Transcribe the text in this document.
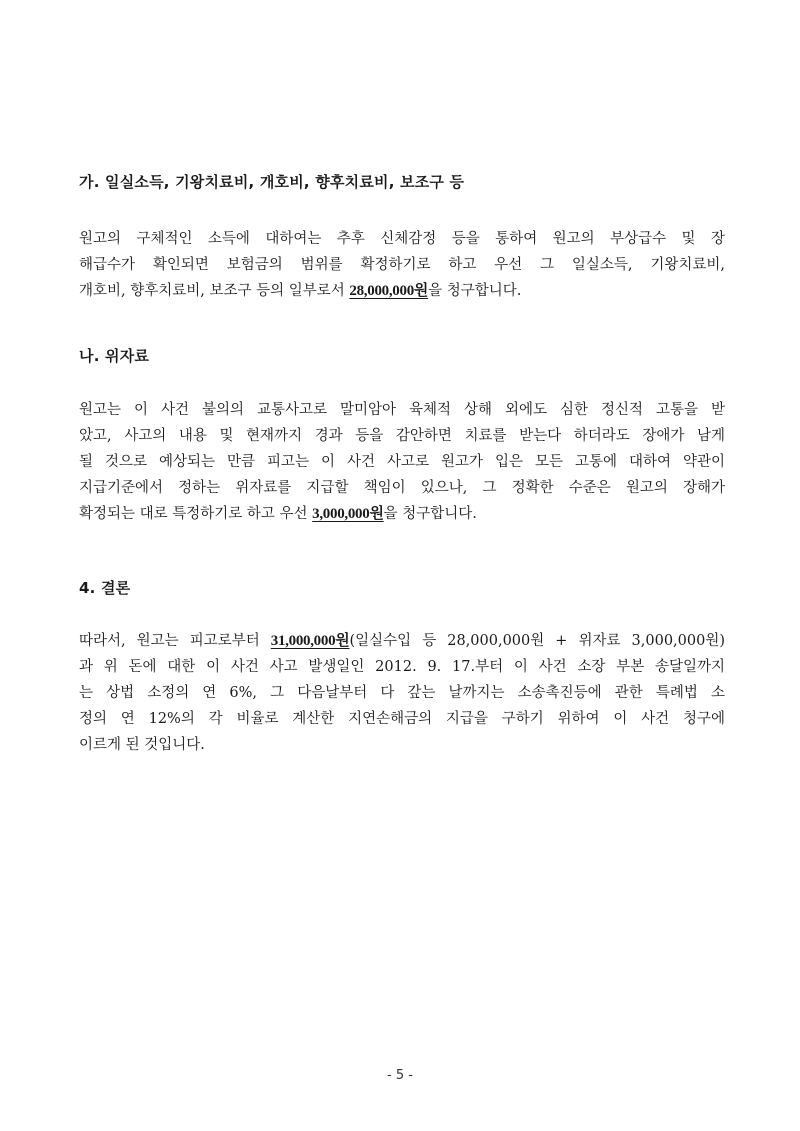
가. 일실소득, 기왕치료비, 개호비, 향후치료비, 보조구 등
원고의 구체적인 소득에 대하여는 추후 신체감정 등을 통하여 원고의 부상급수 및 장
해급수가 확인되면 보험금의 범위를 확정하기로 하고 우선 그 일실소득, 기왕치료비,
개호비, 향후치료비, 보조구 등의 일부로서 28,000,000원을 청구합니다.
나. 위자료
원고는 이 사건 불의의 교통사고로 말미암아 육체적 상해 외에도 심한 정신적 고통을 받
았고, 사고의 내용 및 현재까지 경과 등을 감안하면 치료를 받는다 하더라도 장애가 남게
될 것으로 예상되는 만큼 피고는 이 사건 사고로 원고가 입은 모든 고통에 대하여 약관이
지급기준에서 정하는 위자료를 지급할 책임이 있으나, 그 정확한 수준은 원고의 장해가
확정되는 대로 특정하기로 하고 우선 3,000,000원을 청구합니다.
4. 결론
따라서, 원고는 피고로부터 31,000,000원(일실수입 등 28,000,000원 + 위자료 3,000,000원)
과 위 돈에 대한 이 사건 사고 발생일인 2012. 9. 17.부터 이 사건 소장 부본 송달일까지
는 상법 소정의 연 6%, 그 다음날부터 다 갚는 날까지는 소송촉진등에 관한 특례법 소
정의 연 12%의 각 비율로 계산한 지연손해금의 지급을 구하기 위하여 이 사건 청구에
이르게 된 것입니다.
- 5 -
